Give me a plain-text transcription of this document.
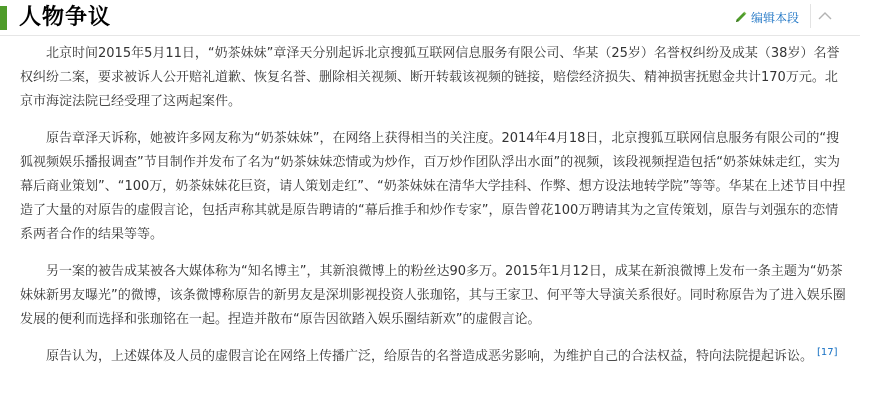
人物争议	编辑本段

北京时间2015年5月11日，“奶茶妹妹”章泽天分别起诉北京搜狐互联网信息服务有限公司、华某（25岁）名誉权纠纷及成某（38岁）名誉权纠纷二案，要求被诉人公开赔礼道歉、恢复名誉、删除相关视频、断开转载该视频的链接，赔偿经济损失、精神损害抚慰金共计170万元。北京市海淀法院已经受理了这两起案件。

原告章泽天诉称，她被许多网友称为“奶茶妹妹”，在网络上获得相当的关注度。2014年4月18日，北京搜狐互联网信息服务有限公司的“搜狐视频娱乐播报调查”节目制作并发布了名为“奶茶妹妹恋情或为炒作，百万炒作团队浮出水面”的视频，该段视频捏造包括“奶茶妹妹走红，实为幕后商业策划”、“100万，奶茶妹妹花巨资，请人策划走红”、“奶茶妹妹在清华大学挂科、作弊、想方设法地转学院”等等。华某在上述节目中捏造了大量的对原告的虚假言论，包括声称其就是原告聘请的“幕后推手和炒作专家”，原告曾花100万聘请其为之宣传策划，原告与刘强东的恋情系两者合作的结果等等。

另一案的被告成某被各大媒体称为“知名博主”，其新浪微博上的粉丝达90多万。2015年1月12日，成某在新浪微博上发布一条主题为“奶茶妹妹新男友曝光”的微博，该条微博称原告的新男友是深圳影视投资人张珈铭，其与王家卫、何平等大导演关系很好。同时称原告为了进入娱乐圈发展的便利而选择和张珈铭在一起。捏造并散布“原告因欲踏入娱乐圈结新欢”的虚假言论。

原告认为，上述媒体及人员的虚假言论在网络上传播广泛，给原告的名誉造成恶劣影响，为维护自己的合法权益，特向法院提起诉讼。 [17]
